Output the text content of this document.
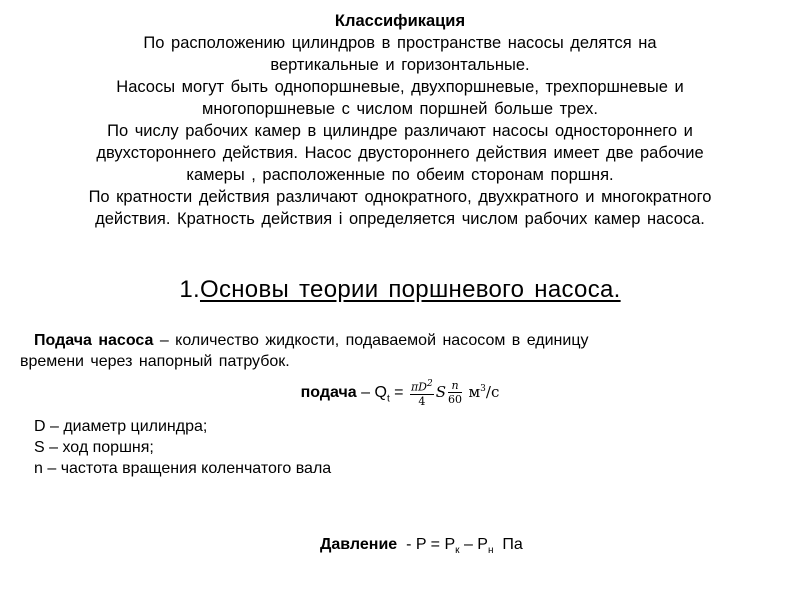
Классификация
По расположению цилиндров в пространстве насосы делятся на
вертикальные и горизонтальные.
Насосы могут быть однопоршневые, двухпоршневые, трехпоршневые и
многопоршневые с числом поршней больше трех.
По числу рабочих камер в цилиндре различают насосы одностороннего и
двухстороннего действия. Насос двустороннего действия имеет две рабочие
камеры , расположенные по обеим сторонам поршня.
По кратности действия различают однократного, двухкратного и многократного
действия. Кратность действия i определяется числом рабочих камер насоса.
1.Основы теории поршневого насоса.
Подача насоса – количество жидкости, подаваемой насосом в единицу
времени через напорный патрубок.
подача – $Q_t = \frac{\pi D^2}{4}$ S $\frac{n}{60} м^3/с$
D – диаметр цилиндра;
S – ход поршня;
n – частота вращения коленчатого вала
Давление  - $P = P_к - P_н$  Па
